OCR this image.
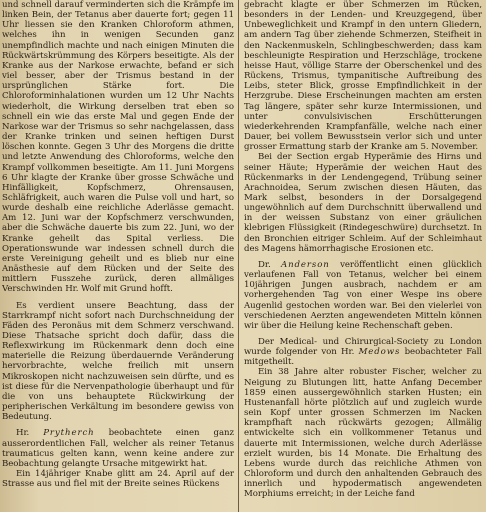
und schnell darauf verminderten sich die Krämpfe im linken Bein, der Tetanus aber dauerte fort; gegen 11 Uhr liessen sie den Kranken Chloroform athmen, welches ihn in wenigen Secunden ganz unempfindlich machte und nach einigen Minuten die Rückwärtskrümmung des Körpers beseitigte. Als der Kranke aus der Narkose erwachte, befand er sich viel besser, aber der Trismus bestand in der ursprünglichen Stärke fort. Die Chloroforminhalationen wurden um 12 Uhr Nachts wiederholt, die Wirkung derselben trat eben so schnell ein wie das erste Mal und gegen Ende der Narkose war der Trismus so sehr nachgelassen, dass der Kranke trinken und seinen heftigen Durst löschen konnte. Gegen 3 Uhr des Morgens die dritte und letzte Anwendung des Chloroforms, welche den Krampf vollkommen beseitigte. Am 11. Juni Morgens 6 Uhr klagte der Kranke über grosse Schwäche und Hinfälligkeit, Kopfschmerz, Ohrensausen, Schläfrigkeit, auch waren die Pulse voll und hart, so wurde deshalb eine reichliche Aderlässe gemacht. Am 12. Juni war der Kopfschmerz verschwunden, aber die Schwäche dauerte bis zum 22. Juni, wo der Kranke geheilt das Spital verliess. Die Operationswunde war indessen schnell durch die erste Vereinigung geheilt und es blieb nur eine Anästhesie auf dem Rücken und der Seite des mittlern Fusszehe zurück, deren allmäliges Verschwinden Hr. Wolf mit Grund hofft.

Es verdient unsere Beachtung, dass der Starrkrampf nicht sofort nach Durchschneidung der Fäden des Peronäus mit dem Schmerz verschwand. Diese Thatsache spricht doch dafür, dass die Reflexwirkung im Rückenmark denn doch eine materielle die Reizung überdauernde Veränderung hervorbrachte, welche freilich mit unsern Mikroskopen nicht nachzuweisen sein dürfte, und es ist diese für die Nervenpathologie überhaupt und für die von uns behauptete Rückwirkung der peripherischen Verkältung im besondere gewiss von Bedeutung.

Hr. Prytherch beobachtete einen ganz ausserordentlichen Fall, welcher als reiner Tetanus traumaticus gelten kann, wenn keine andere zur Beobachtung gelangte Ursache mitgewirkt hat.

Ein 14jähriger Knabe glitt am 24. April auf der Strasse aus und fiel mit der Breite seines Rückens

gebracht klagte er über Schmerzen im Rücken, besonders in der Lenden- und Kreuzgegend, über Unbeweglichkeit und Krampf in den untern Gliedern, am andern Tag über ziehende Schmerzen, Steifheit in den Nackenmuskeln, Schlingbeschwerden; dass kam beschleunigte Respiration und Herzschläge, trockene heisse Haut, völlige Starre der Oberschenkel und des Rückens, Trismus, tympanitische Auftreibung des Leibs, steter Blick, grosse Empfindlichkeit in der Herzgrube. Diese Erscheinungen machten am ersten Tag längere, später sehr kurze Intermissionen, und unter convulsivischen Erschütterungen wiederkehrenden Krampfanfälle, welche nach einer Dauer, bei vollem Bewusstsein verlor sich und unter grosser Ermattung starb der Kranke am 5. November.

Bei der Section ergab Hyperämie des Hirns und seiner Häute; Hyperämie der weichen Haut des Rückenmarks in der Lendengegend, Trübung seiner Arachnoidea, Serum zwischen diesen Häuten, das Mark selbst, besonders in der Dorsalgegend ungewöhnlich auf dem Durchschnitt überwallend und in der weissen Substanz von einer gräulichen klebrigen Flüssigkeit (Rindegeschwüre) durchsetzt. In den Bronchien eitriger Schleim. Auf der Schleimhaut des Magens hämorrhagische Erosionen etc.

Dr. Anderson veröffentlicht einen glücklich verlaufenen Fall von Tetanus, welcher bei einem 10jährigen Jungen ausbrach, nachdem er am vorhergehenden Tag von einer Wespe ins obere Augenlid gestochen worden war. Bei den vielerlei von verschiedenen Aerzten angewendeten Mitteln können wir über die Heilung keine Rechenschaft geben.

Der Medical- und Chirurgical-Society zu London wurde folgender von Hr. Medows beobachteter Fall mitgetheilt.

Ein 38 Jahre alter robuster Fischer, welcher zu Neigung zu Blutungen litt, hatte Anfang December 1859 einen aussergewöhnlich starken Husten; ein Hustenanfall hörte plötzlich auf und zugleich wurde sein Kopf unter grossen Schmerzen im Nacken krampfhaft nach rückwärts gezogen; Allmälig entwickelte sich ein vollkommener Tetanus und dauerte mit Intermissionen, welche durch Aderlässe erzielt wurden, bis 14 Monate. Die Erhaltung des Lebens wurde durch das reichliche Athmen von Chloroform und durch den anhaltenden Gebrauch des innerlich und hypodermatisch angewendeten Morphiums erreicht; in der Leiche fand
